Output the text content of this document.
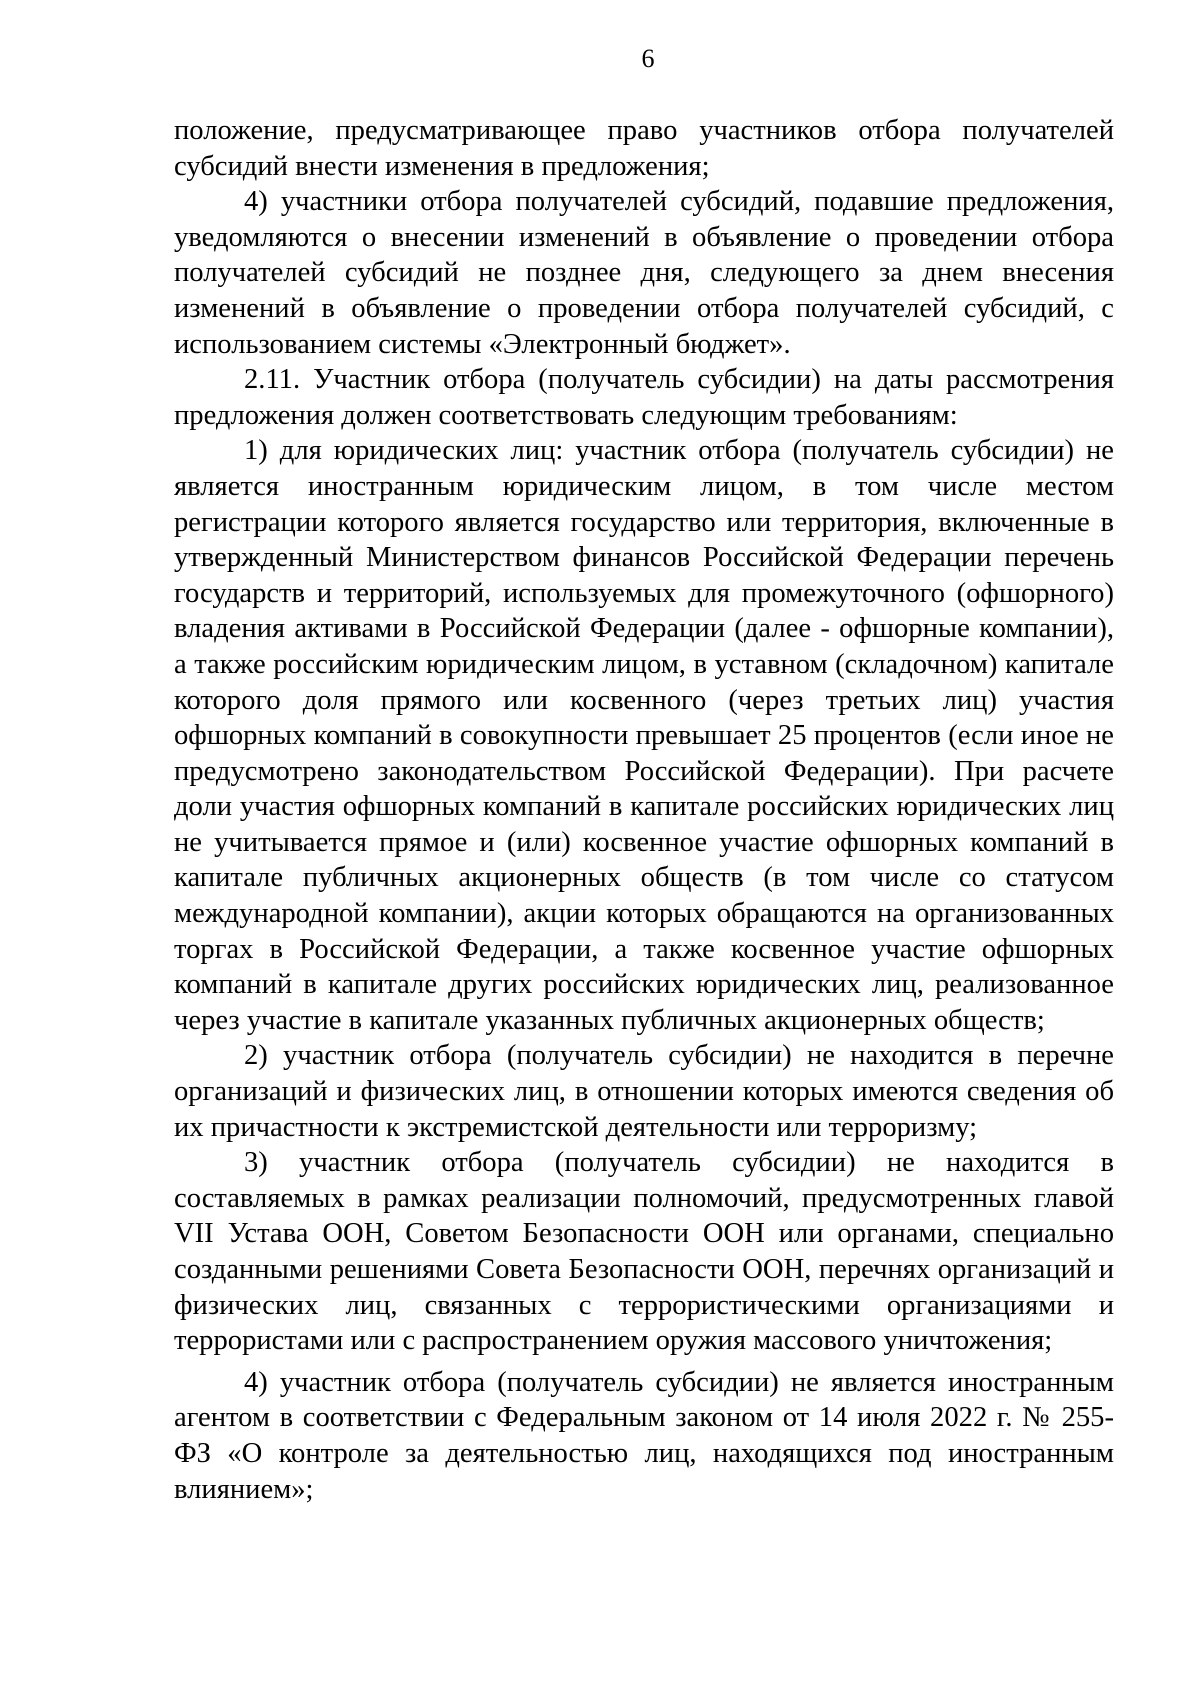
6

положение, предусматривающее право участников отбора получателей субсидий внести изменения в предложения;

4) участники отбора получателей субсидий, подавшие предложения, уведомляются о внесении изменений в объявление о проведении отбора получателей субсидий не позднее дня, следующего за днем внесения изменений в объявление о проведении отбора получателей субсидий, с использованием системы «Электронный бюджет».

2.11. Участник отбора (получатель субсидии) на даты рассмотрения предложения должен соответствовать следующим требованиям:

1) для юридических лиц: участник отбора (получатель субсидии) не является иностранным юридическим лицом, в том числе местом регистрации которого является государство или территория, включенные в утвержденный Министерством финансов Российской Федерации перечень государств и территорий, используемых для промежуточного (офшорного) владения активами в Российской Федерации (далее - офшорные компании), а также российским юридическим лицом, в уставном (складочном) капитале которого доля прямого или косвенного (через третьих лиц) участия офшорных компаний в совокупности превышает 25 процентов (если иное не предусмотрено законодательством Российской Федерации). При расчете доли участия офшорных компаний в капитале российских юридических лиц не учитывается прямое и (или) косвенное участие офшорных компаний в капитале публичных акционерных обществ (в том числе со статусом международной компании), акции которых обращаются на организованных торгах в Российской Федерации, а также косвенное участие офшорных компаний в капитале других российских юридических лиц, реализованное через участие в капитале указанных публичных акционерных обществ;

2) участник отбора (получатель субсидии) не находится в перечне организаций и физических лиц, в отношении которых имеются сведения об их причастности к экстремистской деятельности или терроризму;

3) участник отбора (получатель субсидии) не находится в составляемых в рамках реализации полномочий, предусмотренных главой VII Устава ООН, Советом Безопасности ООН или органами, специально созданными решениями Совета Безопасности ООН, перечнях организаций и физических лиц, связанных с террористическими организациями и террористами или с распространением оружия массового уничтожения;

4) участник отбора (получатель субсидии) не является иностранным агентом в соответствии с Федеральным законом от 14 июля 2022 г. № 255-ФЗ «О контроле за деятельностью лиц, находящихся под иностранным влиянием»;
